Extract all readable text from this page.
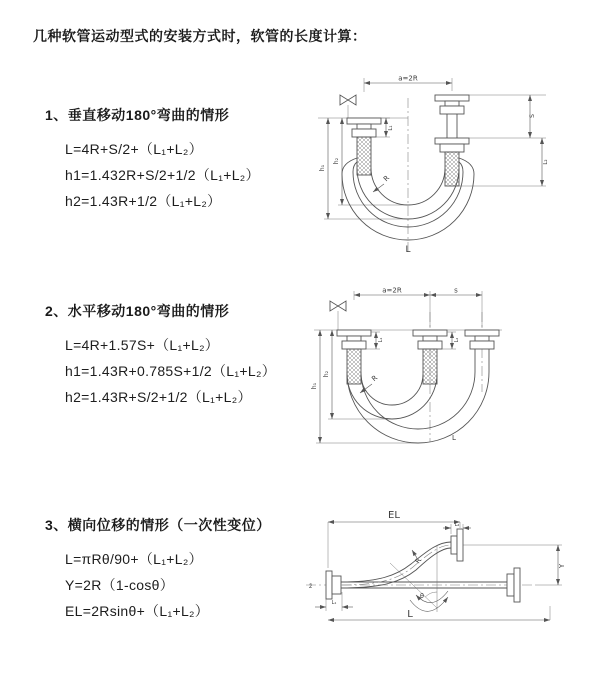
几种软管运动型式的安装方式时，软管的长度计算：
1、垂直移动180°弯曲的情形
L=4R+S/2+（L₁+L₂）
h1=1.432R+S/2+1/2（L₁+L₂）
h2=1.43R+1/2（L₁+L₂）
2、水平移动180°弯曲的情形
L=4R+1.57S+（L₁+L₂）
h1=1.43R+0.785S+1/2（L₁+L₂）
h2=1.43R+S/2+1/2（L₁+L₂）
3、横向位移的情形（一次性变位）
L=πRθ/90+（L₁+L₂）
Y=2R（1-cosθ）
EL=2Rsinθ+（L₁+L₂）
a=2R
L₁
S
L₂
h₁
h₂
R
L
a=2R	s
L₁	L₂
h₁
h₂	R
L
z̄
EL
L₂
Y
θ
R
L₁
L
